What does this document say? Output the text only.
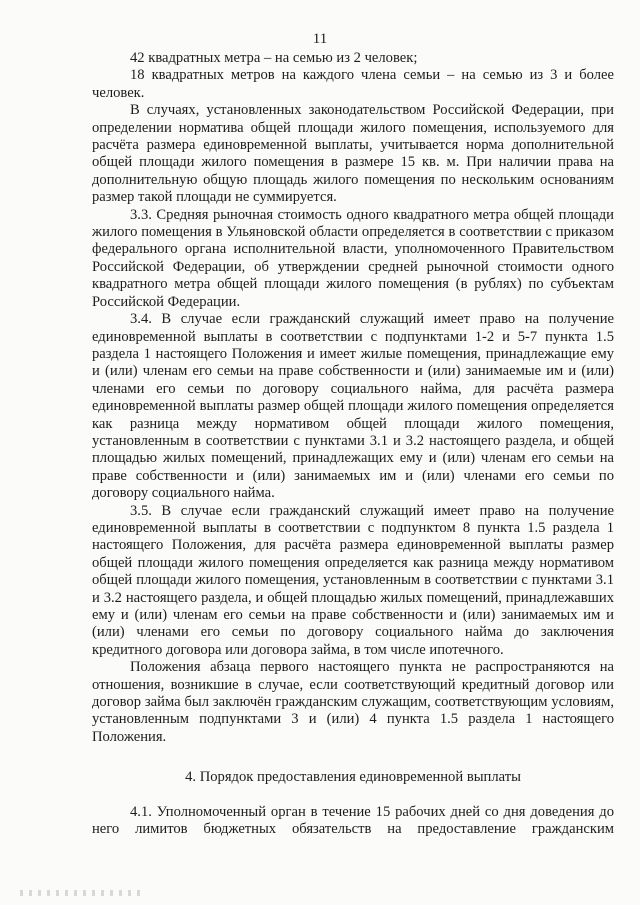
11

42 квадратных метра – на семью из 2 человек;

18 квадратных метров на каждого члена семьи – на семью из 3 и более человек.

В случаях, установленных законодательством Российской Федерации, при определении норматива общей площади жилого помещения, используемого для расчёта размера единовременной выплаты, учитывается норма дополнительной общей площади жилого помещения в размере 15 кв. м. При наличии права на дополнительную общую площадь жилого помещения по нескольким основаниям размер такой площади не суммируется.

3.3. Средняя рыночная стоимость одного квадратного метра общей площади жилого помещения в Ульяновской области определяется в соответствии с приказом федерального органа исполнительной власти, уполномоченного Правительством Российской Федерации, об утверждении средней рыночной стоимости одного квадратного метра общей площади жилого помещения (в рублях) по субъектам Российской Федерации.

3.4. В случае если гражданский служащий имеет право на получение единовременной выплаты в соответствии с подпунктами 1-2 и 5-7 пункта 1.5 раздела 1 настоящего Положения и имеет жилые помещения, принадлежащие ему и (или) членам его семьи на праве собственности и (или) занимаемые им и (или) членами его семьи по договору социального найма, для расчёта размера единовременной выплаты размер общей площади жилого помещения определяется как разница между нормативом общей площади жилого помещения, установленным в соответствии с пунктами 3.1 и 3.2 настоящего раздела, и общей площадью жилых помещений, принадлежащих ему и (или) членам его семьи на праве собственности и (или) занимаемых им и (или) членами его семьи по договору социального найма.

3.5. В случае если гражданский служащий имеет право на получение единовременной выплаты в соответствии с подпунктом 8 пункта 1.5 раздела 1 настоящего Положения, для расчёта размера единовременной выплаты размер общей площади жилого помещения определяется как разница между нормативом общей площади жилого помещения, установленным в соответствии с пунктами 3.1 и 3.2 настоящего раздела, и общей площадью жилых помещений, принадлежавших ему и (или) членам его семьи на праве собственности и (или) занимаемых им и (или) членами его семьи по договору социального найма до заключения кредитного договора или договора займа, в том числе ипотечного.

Положения абзаца первого настоящего пункта не распространяются на отношения, возникшие в случае, если соответствующий кредитный договор или договор займа был заключён гражданским служащим, соответствующим условиям, установленным подпунктами 3 и (или) 4 пункта 1.5 раздела 1 настоящего Положения.

4. Порядок предоставления единовременной выплаты

4.1. Уполномоченный орган в течение 15 рабочих дней со дня доведения до него лимитов бюджетных обязательств на предоставление гражданским
